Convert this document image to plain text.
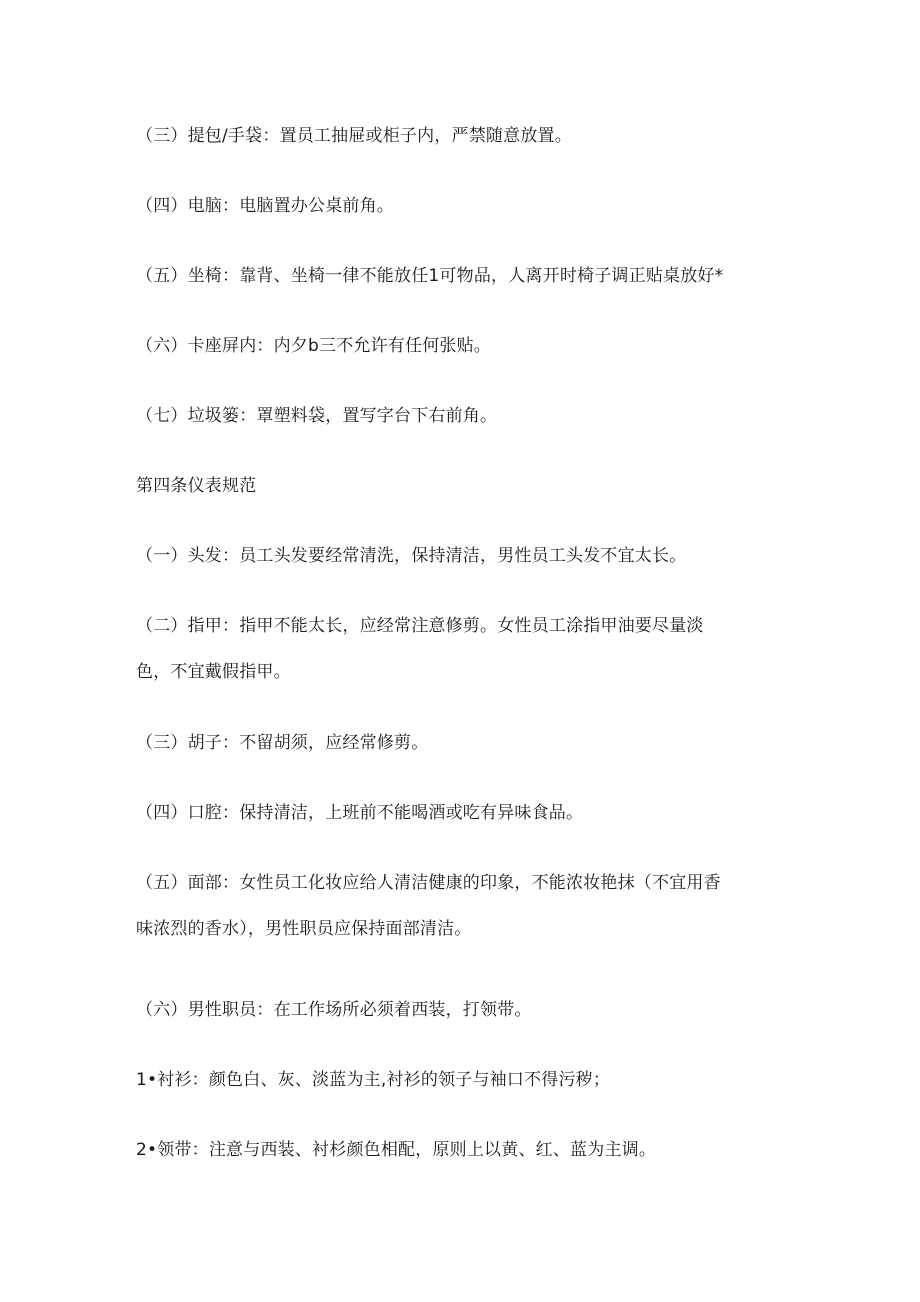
（三）提包/手袋：置员工抽屉或柜子内，严禁随意放置。
（四）电脑：电脑置办公桌前角。
（五）坐椅：靠背、坐椅一律不能放任1可物品，人离开时椅子调正贴桌放好*
（六）卡座屏内：内夕b三不允许有任何张贴。
（七）垃圾篓：罩塑料袋，置写字台下右前角。
第四条仪表规范
（一）头发：员工头发要经常清洗，保持清洁，男性员工头发不宜太长。
（二）指甲：指甲不能太长，应经常注意修剪。女性员工涂指甲油要尽量淡
色，不宜戴假指甲。
（三）胡子：不留胡须，应经常修剪。
（四）口腔：保持清洁，上班前不能喝酒或吃有异味食品。
（五）面部：女性员工化妆应给人清洁健康的印象，不能浓妆艳抹（不宜用香
味浓烈的香水），男性职员应保持面部清洁。
（六）男性职员：在工作场所必须着西装，打领带。
1•衬衫：颜色白、灰、淡蓝为主,衬衫的领子与袖口不得污秽；
2•领带：注意与西装、衬杉颜色相配，原则上以黄、红、蓝为主调。
